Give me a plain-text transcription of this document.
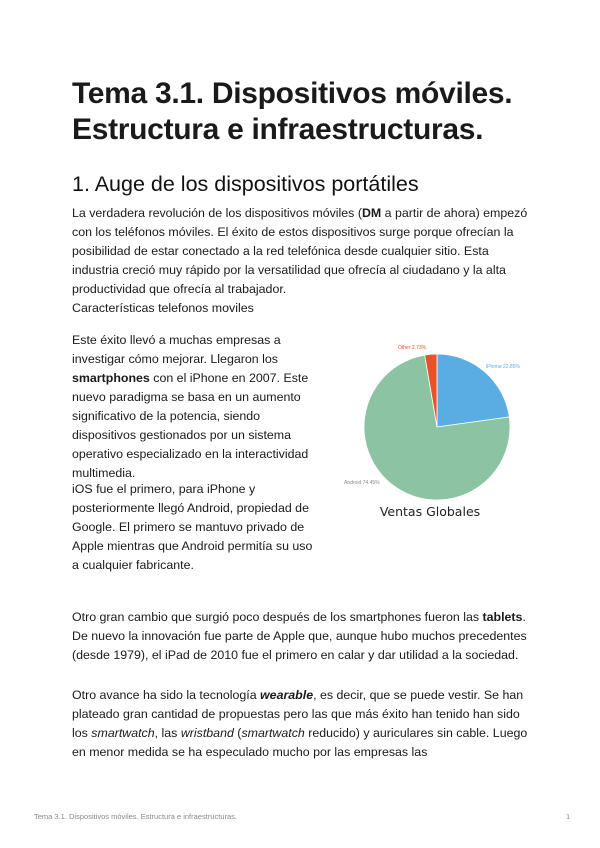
Tema 3.1. Dispositivos móviles. Estructura e infraestructuras.
1. Auge de los dispositivos portátiles

La verdadera revolución de los dispositivos móviles (DM a partir de ahora) empezó con los teléfonos móviles. El éxito de estos dispositivos surge porque ofrecían la posibilidad de estar conectado a la red telefónica desde cualquier sitio. Esta industria creció muy rápido por la versatilidad que ofrecía al ciudadano y la alta productividad que ofrecía al trabajador.

Características telefonos moviles

Este éxito llevó a muchas empresas a investigar cómo mejorar. Llegaron los smartphones con el iPhone en 2007. Este nuevo paradigma se basa en un aumento significativo de la potencia, siendo dispositivos gestionados por un sistema operativo especializado en la interactividad multimedia.

iOS fue el primero, para iPhone y posteriormente llegó Android, propiedad de Google. El primero se mantuvo privado de Apple mientras que Android permitía su uso a cualquier fabricante.

iPhone 22.85%
Android 74.45%
Other 2.73%
Ventas Globales

Otro gran cambio que surgió poco después de los smartphones fueron las tablets. De nuevo la innovación fue parte de Apple que, aunque hubo muchos precedentes (desde 1979), el iPad de 2010 fue el primero en calar y dar utilidad a la sociedad.

Otro avance ha sido la tecnología wearable, es decir, que se puede vestir. Se han plateado gran cantidad de propuestas pero las que más éxito han tenido han sido los smartwatch, las wristband (smartwatch reducido) y auriculares sin cable. Luego en menor medida se ha especulado mucho por las empresas las

Tema 3.1. Dispositivos móviles. Estructura e infraestructuras.	1
